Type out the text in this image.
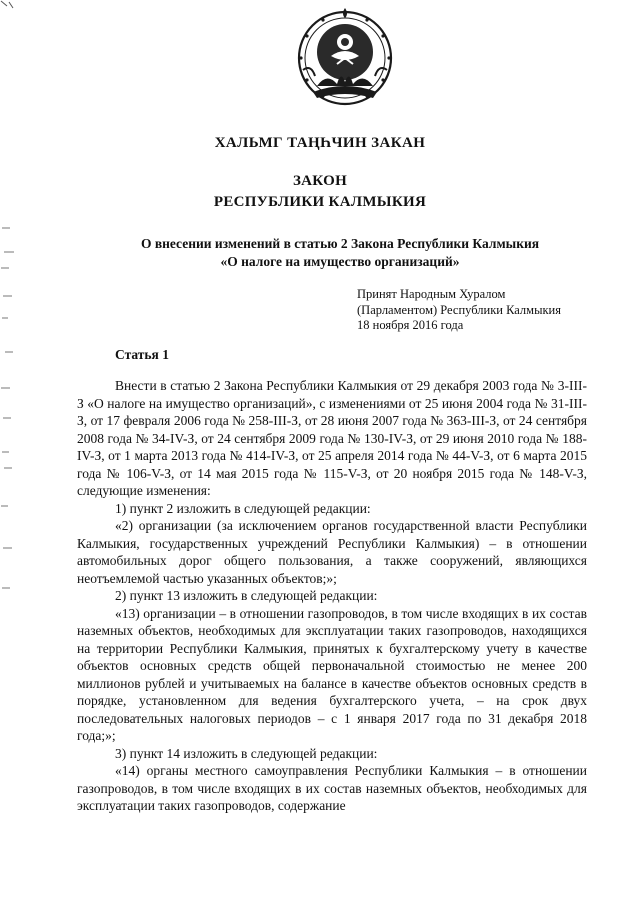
ХАЛЬМГ ТАҢҺЧИН ЗАКАН
ЗАКОН
РЕСПУБЛИКИ КАЛМЫКИЯ
О внесении изменений в статью 2 Закона Республики Калмыкия
«О налоге на имущество организаций»
Принят Народным Хуралом
(Парламентом) Республики Калмыкия
18 ноября 2016 года
Статья 1

Внести в статью 2 Закона Республики Калмыкия от 29 декабря 2003 года № 3-III-З «О налоге на имущество организаций», с изменениями от 25 июня 2004 года № 31-III-З, от 17 февраля 2006 года № 258-III-З, от 28 июня 2007 года № 363-III-З, от 24 сентября 2008 года № 34-IV-З, от 24 сентября 2009 года № 130-IV-З, от 29 июня 2010 года № 188-IV-З, от 1 марта 2013 года № 414-IV-З, от 25 апреля 2014 года № 44-V-З, от 6 марта 2015 года № 106-V-З, от 14 мая 2015 года № 115-V-З, от 20 ноября 2015 года № 148-V-З, следующие изменения:

1) пункт 2 изложить в следующей редакции:

«2) организации (за исключением органов государственной власти Республики Калмыкия, государственных учреждений Республики Калмыкия) – в отношении автомобильных дорог общего пользования, а также сооружений, являющихся неотъемлемой частью указанных объектов;»;

2) пункт 13 изложить в следующей редакции:

«13) организации – в отношении газопроводов, в том числе входящих в их состав наземных объектов, необходимых для эксплуатации таких газопроводов, находящихся на территории Республики Калмыкия, принятых к бухгалтерскому учету в качестве объектов основных средств общей первоначальной стоимостью не менее 200 миллионов рублей и учитываемых на балансе в качестве объектов основных средств в порядке, установленном для ведения бухгалтерского учета, – на срок двух последовательных налоговых периодов – с 1 января 2017 года по 31 декабря 2018 года;»;

3) пункт 14 изложить в следующей редакции:

«14) органы местного самоуправления Республики Калмыкия – в отношении газопроводов, в том числе входящих в их состав наземных объектов, необходимых для эксплуатации таких газопроводов, содержание
